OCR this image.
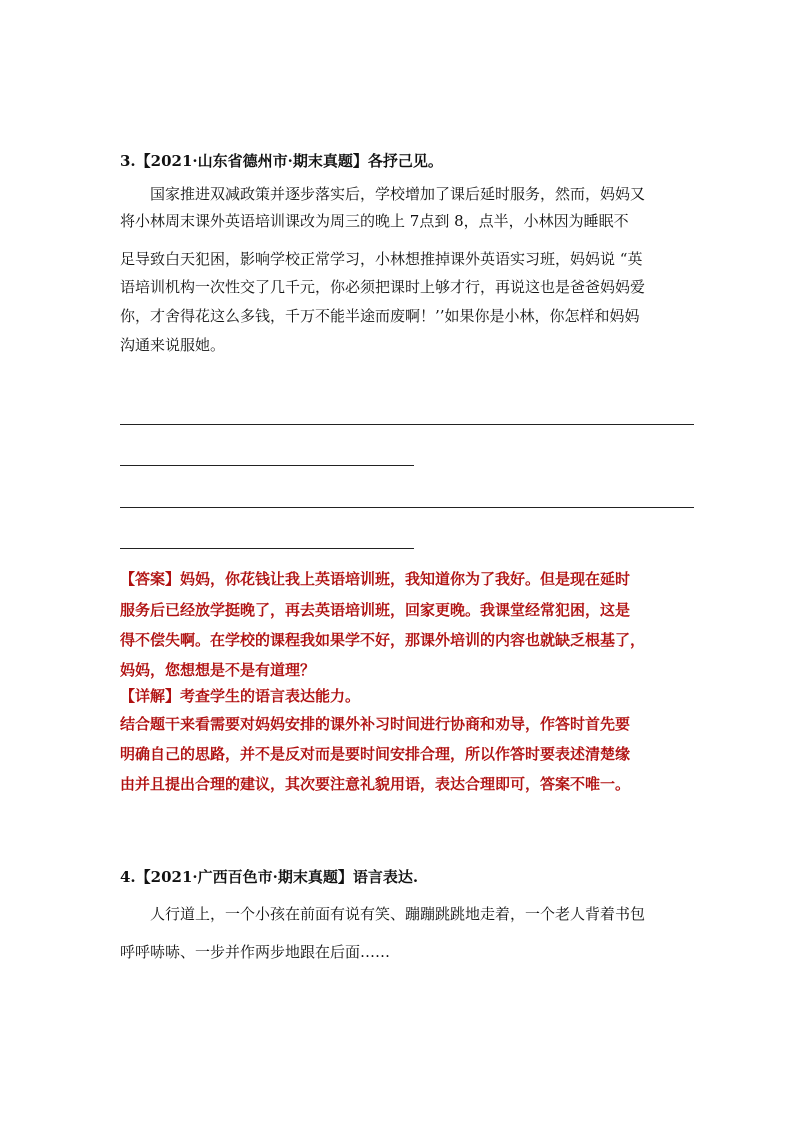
3.【2021·山东省德州市·期末真题】各抒己见。
国家推进双减政策并逐步落实后，学校增加了课后延时服务，然而，妈妈又
将小林周末课外英语培训课改为周三的晚上 7点到 8，点半，小林因为睡眠不
足导致白天犯困，影响学校正常学习，小林想推掉课外英语实习班，妈妈说 “英
语培训机构一次性交了几千元，你必须把课时上够才行，再说这也是爸爸妈妈爱
你，才舍得花这么多钱，千万不能半途而废啊！’’如果你是小林，你怎样和妈妈
沟通来说服她。
【答案】妈妈，你花钱让我上英语培训班，我知道你为了我好。但是现在延时
服务后已经放学挺晚了，再去英语培训班，回家更晚。我课堂经常犯困，这是
得不偿失啊。在学校的课程我如果学不好，那课外培训的内容也就缺乏根基了，
妈妈，您想想是不是有道理？
【详解】考查学生的语言表达能力。
结合题干来看需要对妈妈安排的课外补习时间进行协商和劝导，作答时首先要
明确自己的思路，并不是反对而是要时间安排合理，所以作答时要表述清楚缘
由并且提出合理的建议，其次要注意礼貌用语，表达合理即可，答案不唯一。
4.【2021·广西百色市·期末真题】语言表达.
人行道上，一个小孩在前面有说有笑、蹦蹦跳跳地走着，一个老人背着书包
呼呼哧哧、一步并作两步地跟在后面……
